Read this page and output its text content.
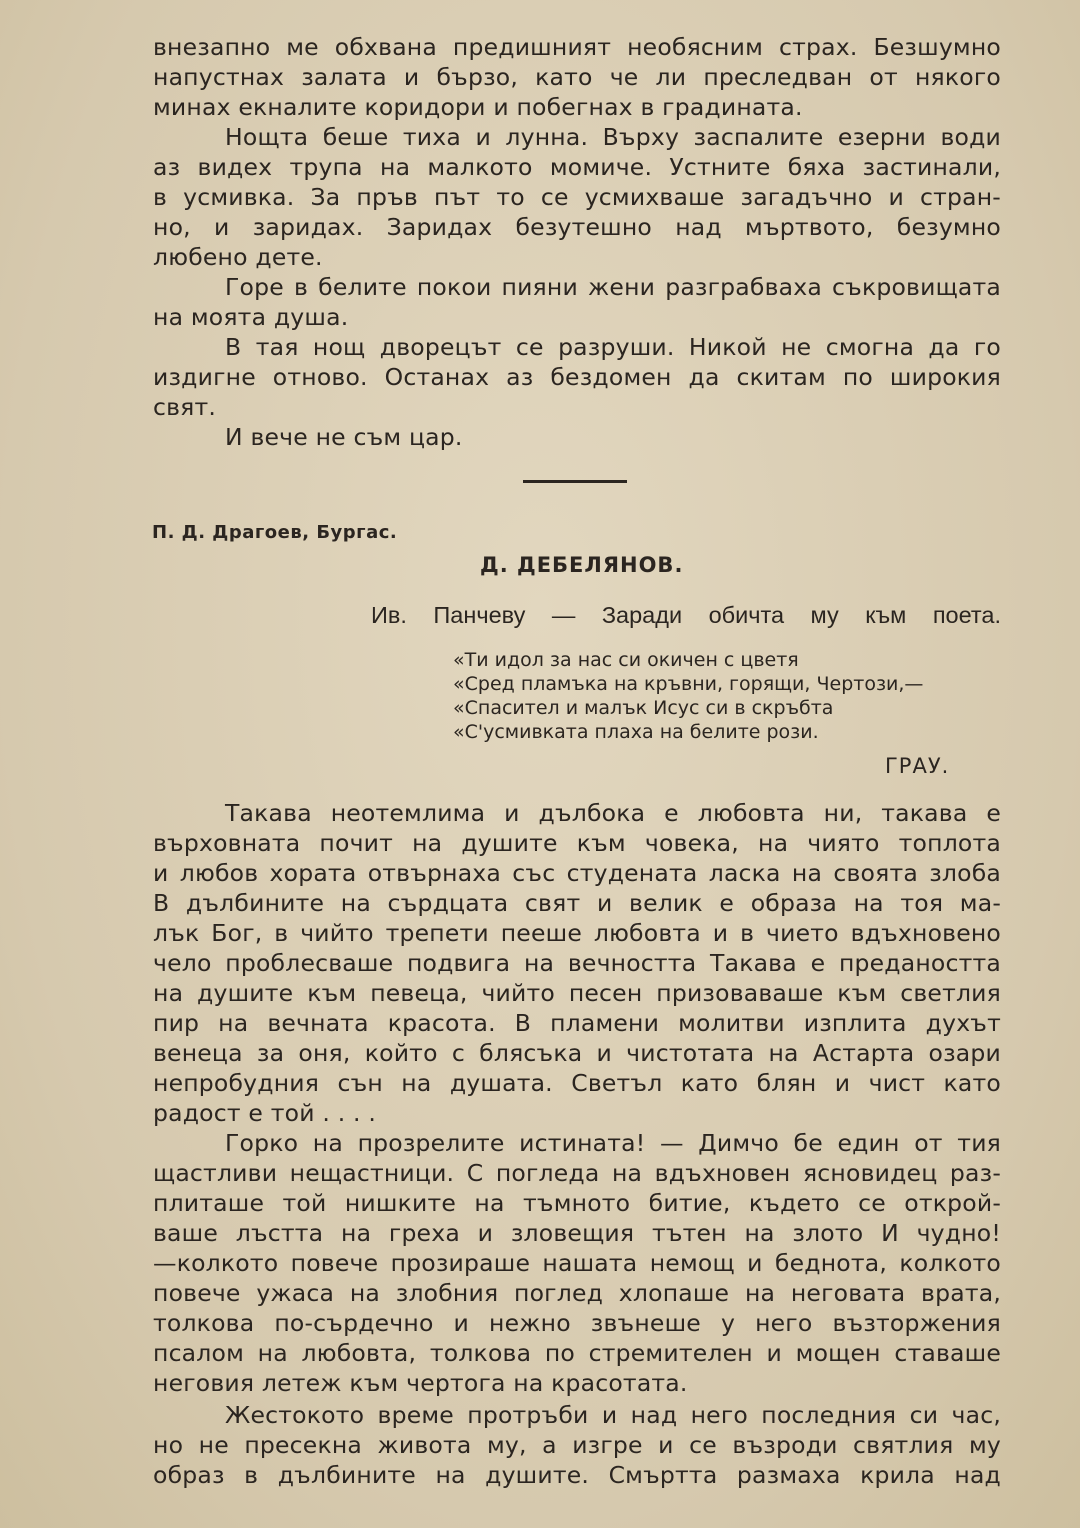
внезапно ме обхвана предишният необясним страх. Безшумно
напустнах залата и бързо, като че ли преследван от някого
минах екналите коридори и побегнах в градината.
Нощта беше тиха и лунна. Върху заспалите езерни води
аз видех трупа на малкото момиче. Устните бяха застинали,
в усмивка. За пръв път то се усмихваше загадъчно и стран-
но, и заридах. Заридах безутешно над мъртвото, безумно
любено дете.
Горе в белите покои пияни жени разграбваха съкровищата
на моята душа.
В тая нощ дворецът се разруши. Никой не смогна да го
издигне отново. Останах аз бездомен да скитам по широкия
свят.
И вече не съм цар.
П. Д. Драгоев, Бургас.
Д. ДЕБЕЛЯНОВ.
Ив. Панчеву — Заради обичта му към поета.
«Ти идол за нас си окичен с цветя
«Сред пламъка на кръвни, горящи, Чертози,—
«Спасител и малък Исус си в скръбта
«С'усмивката плаха на белите рози.
ГРАУ.
Такава неотемлима и дълбока е любовта ни, такава е
върховната почит на душите към човека, на чиято топлота
и любов хората отвърнаха със студената ласка на своята злоба
В дълбините на сърдцата свят и велик е образа на тоя ма-
лък Бог, в чийто трепети пееше любовта и в чието вдъхновено
чело проблесваше подвига на вечността Такава е предаността
на душите към певеца, чийто песен призоваваше към светлия
пир на вечната красота. В пламени молитви изплита духът
венеца за оня, който с блясъка и чистотата на Астарта озари
непробудния сън на душата. Светъл като блян и чист като
радост е той . . . .
Горко на прозрелите истината! — Димчо бе един от тия
щастливи нещастници. С погледа на вдъхновен ясновидец раз-
плиташе той нишките на тъмното битие, където се открой-
ваше лъстта на греха и зловещия тътен на злото И чудно!
—колкото повече прозираше нашата немощ и беднота, колкото
повече ужаса на злобния поглед хлопаше на неговата врата,
толкова по-сърдечно и нежно звънеше у него възторжения
псалом на любовта, толкова по стремителен и мощен ставаше
неговия летеж към чертога на красотата.
Жестокото време протръби и над него последния си час,
но не пресекна живота му, а изгре и се възроди святлия му
образ в дълбините на душите. Смъртта размаха крила над
